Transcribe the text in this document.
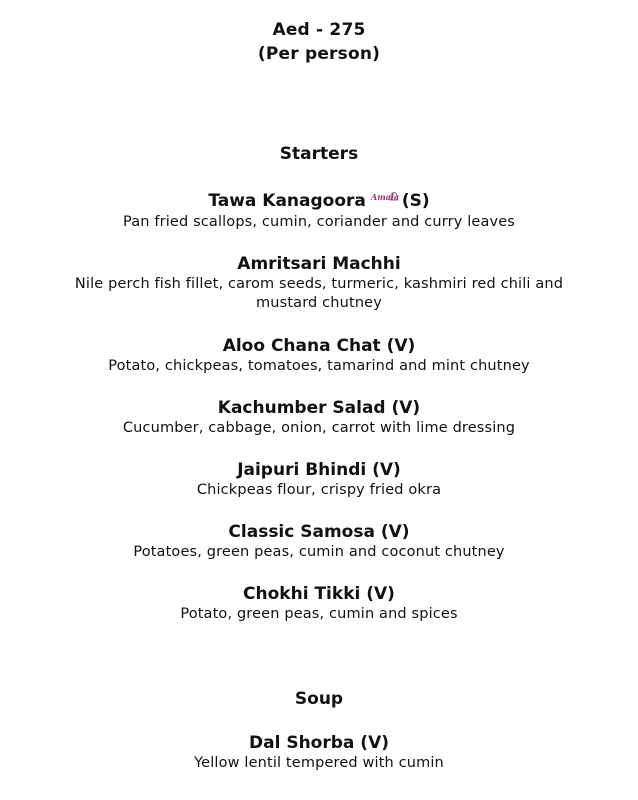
Aed - 275
(Per person)
Starters
Tawa Kanagoora Amala (S)
Pan fried scallops, cumin, coriander and curry leaves
Amritsari Machhi
Nile perch fish fillet, carom seeds, turmeric, kashmiri red chili and
mustard chutney
Aloo Chana Chat (V)
Potato, chickpeas, tomatoes, tamarind and mint chutney
Kachumber Salad (V)
Cucumber, cabbage, onion, carrot with lime dressing
Jaipuri Bhindi (V)
Chickpeas flour, crispy fried okra
Classic Samosa (V)
Potatoes, green peas, cumin and coconut chutney
Chokhi Tikki (V)
Potato, green peas, cumin and spices
Soup
Dal Shorba (V)
Yellow lentil tempered with cumin
